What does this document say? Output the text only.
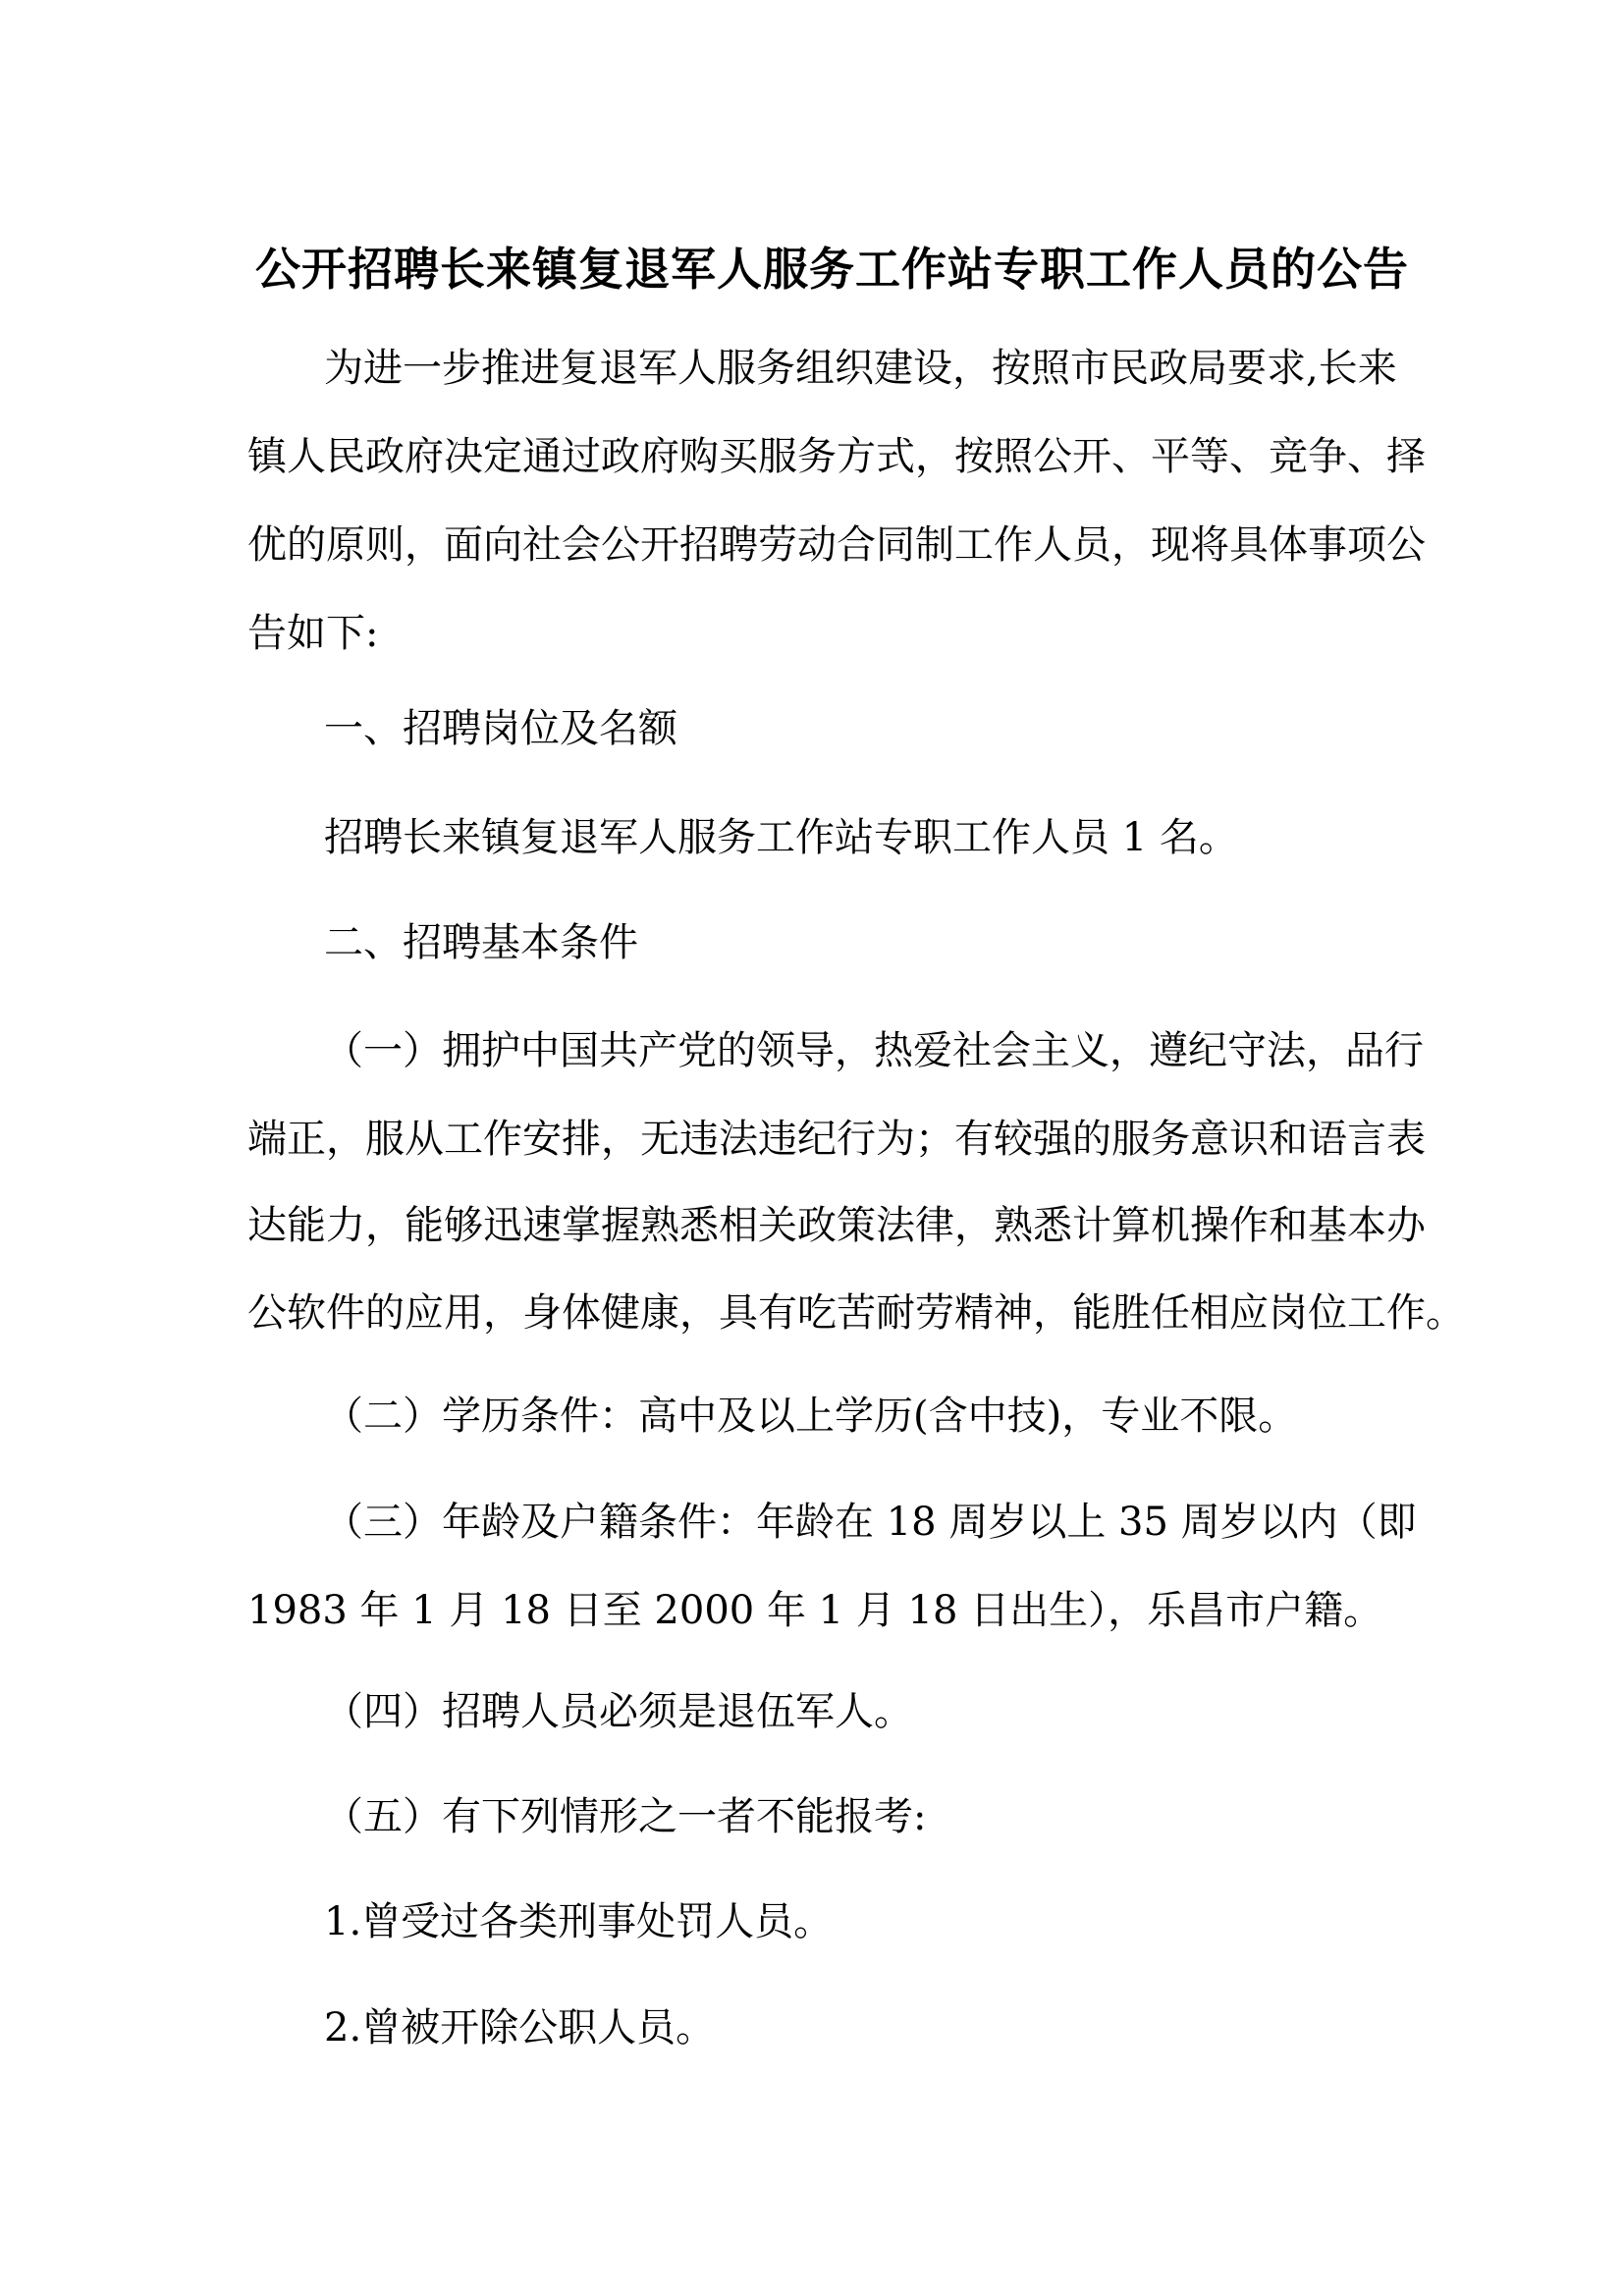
公开招聘长来镇复退军人服务工作站专职工作人员的公告
为进一步推进复退军人服务组织建设，按照市民政局要求,长来
镇人民政府决定通过政府购买服务方式，按照公开、平等、竞争、择
优的原则，面向社会公开招聘劳动合同制工作人员，现将具体事项公
告如下:
一、招聘岗位及名额
招聘长来镇复退军人服务工作站专职工作人员 1 名。
二、招聘基本条件
（一）拥护中国共产党的领导，热爱社会主义，遵纪守法，品行
端正，服从工作安排，无违法违纪行为；有较强的服务意识和语言表
达能力，能够迅速掌握熟悉相关政策法律，熟悉计算机操作和基本办
公软件的应用，身体健康，具有吃苦耐劳精神，能胜任相应岗位工作。
（二）学历条件：高中及以上学历(含中技)，专业不限。
（三）年龄及户籍条件：年龄在 18 周岁以上 35 周岁以内（即
1983 年 1 月 18 日至 2000 年 1 月 18 日出生），乐昌市户籍。
（四）招聘人员必须是退伍军人。
（五）有下列情形之一者不能报考:
1.曾受过各类刑事处罚人员。
2.曾被开除公职人员。
